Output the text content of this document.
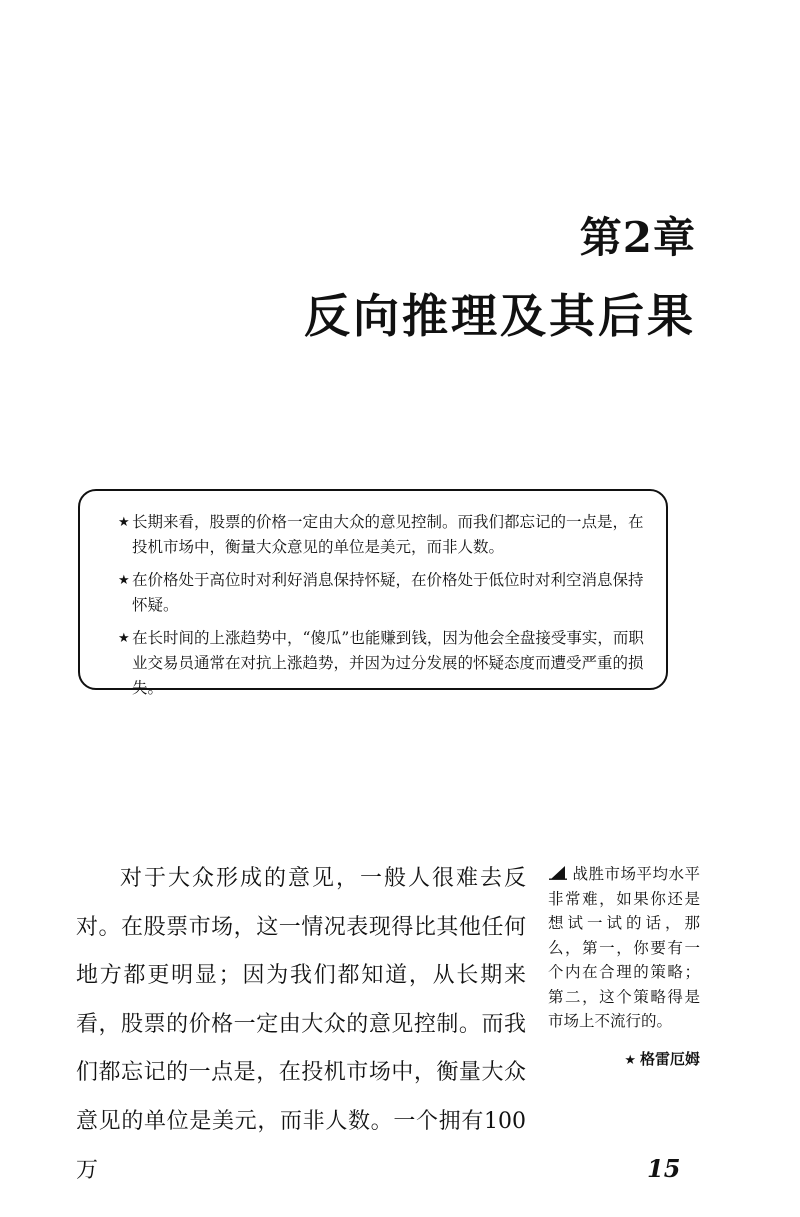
第2章
反向推理及其后果
★ 长期来看，股票的价格一定由大众的意见控制。而我们都忘记的一点是，在投机市场中，衡量大众意见的单位是美元，而非人数。
★ 在价格处于高位时对利好消息保持怀疑，在价格处于低位时对利空消息保持怀疑。
★ 在长时间的上涨趋势中，“傻瓜”也能赚到钱，因为他会全盘接受事实，而职业交易员通常在对抗上涨趋势，并因为过分发展的怀疑态度而遭受严重的损失。

对于大众形成的意见，一般人很难去反对。在股票市场，这一情况表现得比其他任何地方都更明显；因为我们都知道，从长期来看，股票的价格一定由大众的意见控制。而我们都忘记的一点是，在投机市场中，衡量大众意见的单位是美元，而非人数。一个拥有100万

战胜市场平均水平非常难，如果你还是想试一试的话，那么，第一，你要有一个内在合理的策略；第二，这个策略得是市场上不流行的。

★ 格雷厄姆
15
